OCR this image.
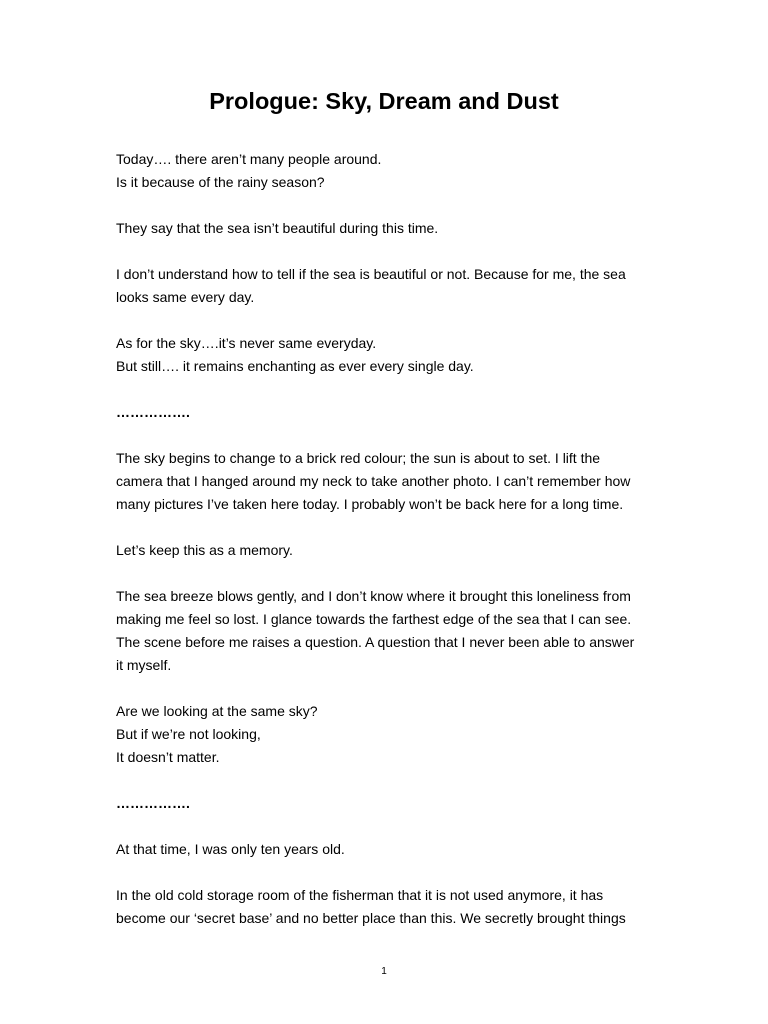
Prologue: Sky, Dream and Dust

Today…. there aren’t many people around.
Is it because of the rainy season?

They say that the sea isn’t beautiful during this time.

I don’t understand how to tell if the sea is beautiful or not. Because for me, the sea
looks same every day.

As for the sky….it’s never same everyday.
But still…. it remains enchanting as ever every single day.

…………….

The sky begins to change to a brick red colour; the sun is about to set. I lift the
camera that I hanged around my neck to take another photo. I can’t remember how
many pictures I’ve taken here today. I probably won’t be back here for a long time.

Let’s keep this as a memory.

The sea breeze blows gently, and I don’t know where it brought this loneliness from
making me feel so lost. I glance towards the farthest edge of the sea that I can see.
The scene before me raises a question. A question that I never been able to answer
it myself.

Are we looking at the same sky?
But if we’re not looking,
It doesn’t matter.

…………….

At that time, I was only ten years old.

In the old cold storage room of the fisherman that it is not used anymore, it has
become our ‘secret base’ and no better place than this. We secretly brought things

1
